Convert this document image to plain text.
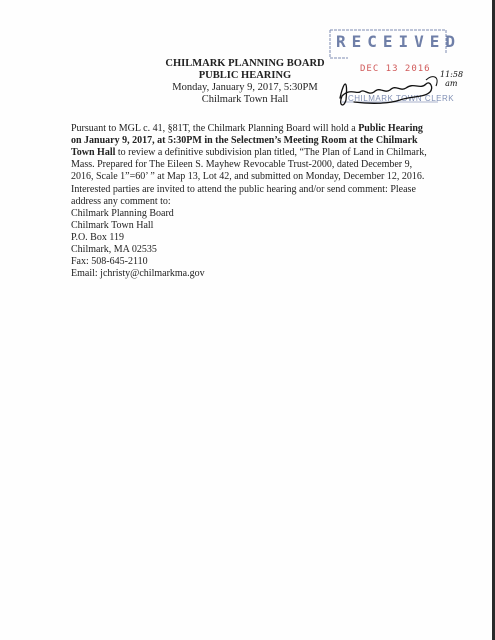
RECEIVED
DEC 13 2016
CHILMARK TOWN CLERK
11:58
am
CHILMARK PLANNING BOARD
PUBLIC HEARING
Monday, January 9, 2017, 5:30PM
Chilmark Town Hall
Pursuant to MGL c. 41, §81T, the Chilmark Planning Board will hold a Public Hearing on January 9, 2017, at 5:30PM in the Selectmen’s Meeting Room at the Chilmark Town Hall to review a definitive subdivision plan titled, “The Plan of Land in Chilmark, Mass. Prepared for The Eileen S. Mayhew Revocable Trust-2000, dated December 9, 2016, Scale 1”=60’ ” at Map 13, Lot 42, and submitted on Monday, December 12, 2016.
Interested parties are invited to attend the public hearing and/or send comment: Please address any comment to:
Chilmark Planning Board
Chilmark Town Hall
P.O. Box 119
Chilmark, MA 02535
Fax: 508-645-2110
Email: jchristy@chilmarkma.gov
